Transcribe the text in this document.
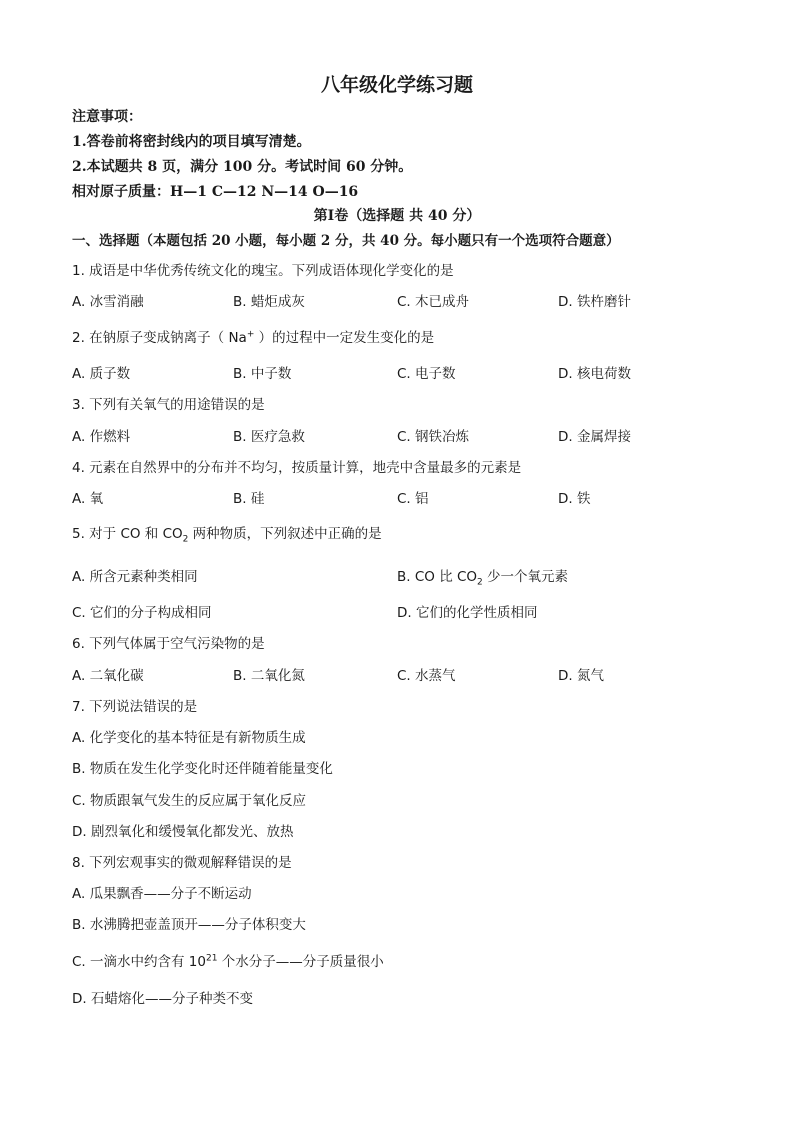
八年级化学练习题
注意事项：
1.答卷前将密封线内的项目填写清楚。
2.本试题共 8 页，满分 100 分。考试时间 60 分钟。
相对原子质量：H—1 C—12 N—14 O—16
第Ⅰ卷（选择题 共 40 分）
一、选择题（本题包括 20 小题，每小题 2 分，共 40 分。每小题只有一个选项符合题意）
1. 成语是中华优秀传统文化的瑰宝。下列成语体现化学变化的是
A. 冰雪消融	B. 蜡炬成灰	C. 木已成舟	D. 铁杵磨针
2. 在钠原子变成钠离子（ Na+ ）的过程中一定发生变化的是
A. 质子数	B. 中子数	C. 电子数	D. 核电荷数
3. 下列有关氧气的用途错误的是
A. 作燃料	B. 医疗急救	C. 钢铁冶炼	D. 金属焊接
4. 元素在自然界中的分布并不均匀，按质量计算，地壳中含量最多的元素是
A. 氧	B. 硅	C. 铝	D. 铁
5. 对于 CO 和 $CO_2$ 两种物质，下列叙述中正确的是
A. 所含元素种类相同	B. CO 比 $CO_2$ 少一个氧元素
C. 它们的分子构成相同	D. 它们的化学性质相同
6. 下列气体属于空气污染物的是
A. 二氧化碳	B. 二氧化氮	C. 水蒸气	D. 氮气
7. 下列说法错误的是
A. 化学变化的基本特征是有新物质生成
B. 物质在发生化学变化时还伴随着能量变化
C. 物质跟氧气发生的反应属于氧化反应
D. 剧烈氧化和缓慢氧化都发光、放热
8. 下列宏观事实的微观解释错误的是
A. 瓜果飘香——分子不断运动
B. 水沸腾把壶盖顶开——分子体积变大
C. 一滴水中约含有 $10^{21}$ 个水分子——分子质量很小
D. 石蜡熔化——分子种类不变
